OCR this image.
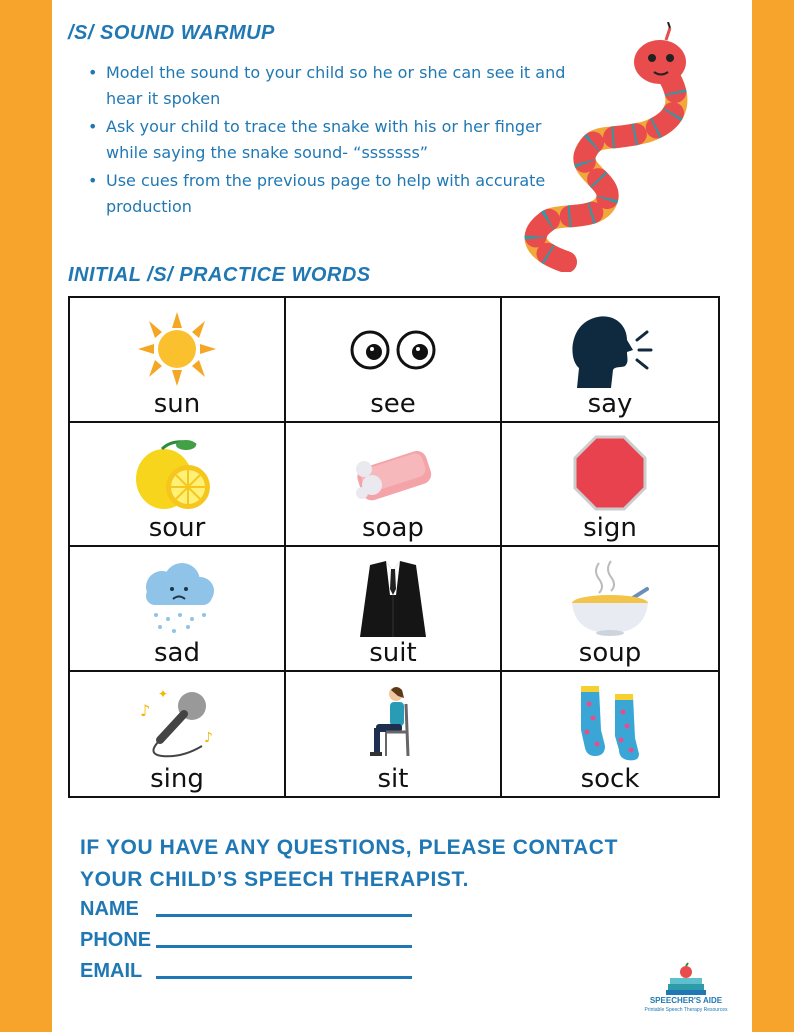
/S/ SOUND WARMUP
• Model the sound to your child so he or she can see it and hear it spoken
• Ask your child to trace the snake with his or her finger while saying the snake sound- “sssssss”
• Use cues from the previous page to help with accurate production
INITIAL /S/ PRACTICE WORDS
sun	see	say
sour	soap	sign
sad	suit	soup
♪
♪
✦
sing	sit	sock
IF YOU HAVE ANY QUESTIONS, PLEASE CONTACT YOUR CHILD’S SPEECH THERAPIST.
NAME
PHONE
EMAIL
SPEECHER'S AIDE
Printable Speech Therapy Resources
